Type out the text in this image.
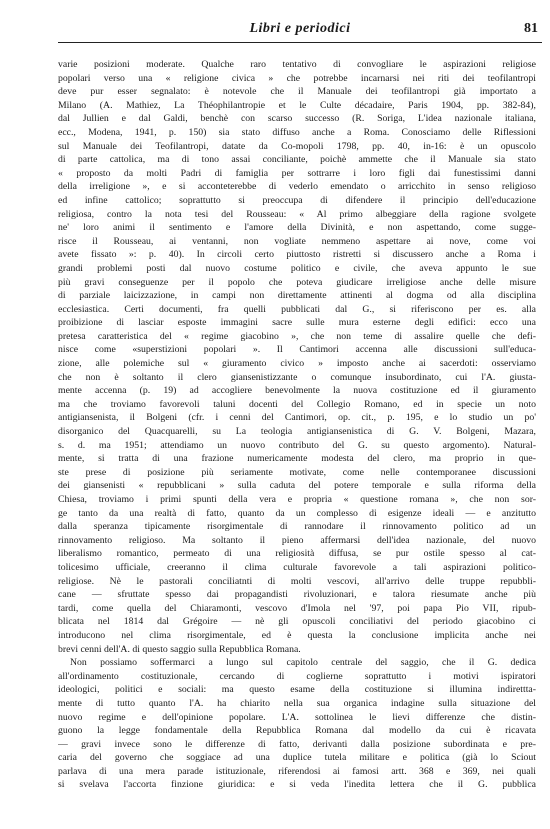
Libri e periodici	81

varie posizioni moderate. Qualche raro tentativo di convogliare le aspirazioni religiose

popolari verso una « religione civica » che potrebbe incarnarsi nei riti dei teofilantropi

deve pur esser segnalato: è notevole che il Manuale dei teofilantropi già importato a

Milano (A. Mathiez, La Théophilantropie et le Culte décadaire, Paris 1904, pp. 382-84),

dal Jullien e dal Galdi, benchè con scarso successo (R. Soriga, L'idea nazionale italiana,

ecc., Modena, 1941, p. 150) sia stato diffuso anche a Roma. Conosciamo delle Riflessioni

sul Manuale dei Teofilantropi, datate da Co-mopoli 1798, pp. 40, in-16: è un opuscolo

di parte cattolica, ma di tono assai conciliante, poichè ammette che il Manuale sia stato

« proposto da molti Padri di famiglia per sottrarre i loro figli dai funestissimi danni

della irreligione », e si acconteterebbe di vederlo emendato o arricchito in senso religioso

ed infine cattolico; soprattutto si preoccupa di difendere il principio dell'educazione

religiosa, contro la nota tesi del Rousseau: « Al primo albeggiare della ragione svolgete

ne' loro animi il sentimento e l'amore della Divinità, e non aspettando, come sugge-

risce il Rousseau, ai ventanni, non vogliate nemmeno aspettare ai nove, come voi

avete fissato »: p. 40). In circoli certo piuttosto ristretti si discussero anche a Roma i

grandi problemi posti dal nuovo costume politico e civile, che aveva appunto le sue

più gravi conseguenze per il popolo che poteva giudicare irreligiose anche delle misure

di parziale laicizzazione, in campi non direttamente attinenti al dogma od alla disciplina

ecclesiastica. Certi documenti, fra quelli pubblicati dal G., si riferiscono per es. alla

proibizione di lasciar esposte immagini sacre sulle mura esterne degli edifici: ecco una

pretesa caratteristica del « regime giacobino », che non teme di assalire quelle che defi-

nisce come «superstizioni popolari ». Il Cantimori accenna alle discussioni sull'educa-

zione, alle polemiche sul « giuramento civico » imposto anche ai sacerdoti: osserviamo

che non è soltanto il clero giansenistizzante o comunque insubordinato, cui l'A. giusta-

mente accenna (p. 19) ad accogliere benevolmente la nuova costituzione ed il giuramento

ma che troviamo favorevoli taluni docenti del Collegio Romano, ed in specie un noto

antigiansenista, il Bolgeni (cfr. i cenni del Cantimori, op. cit., p. 195, e lo studio un po'

disorganico del Quacquarelli, su La teologia antigiansenistica di G. V. Bolgeni, Mazara,

s. d. ma 1951; attendiamo un nuovo contributo del G. su questo argomento). Natural-

mente, si tratta di una frazione numericamente modesta del clero, ma proprio in que-

ste prese di posizione più seriamente motivate, come nelle contemporanee discussioni

dei giansenisti « repubblicani » sulla caduta del potere temporale e sulla riforma della

Chiesa, troviamo i primi spunti della vera e propria « questione romana », che non sor-

ge tanto da una realtà di fatto, quanto da un complesso di esigenze ideali — e anzitutto

dalla speranza tipicamente risorgimentale di rannodare il rinnovamento politico ad un

rinnovamento religioso. Ma soltanto il pieno affermarsi dell'idea nazionale, del nuovo

liberalismo romantico, permeato di una religiosità diffusa, se pur ostile spesso al cat-

tolicesimo ufficiale, creeranno il clima culturale favorevole a tali aspirazioni politico-

religiose. Nè le pastorali conciliatnti di molti vescovi, all'arrivo delle truppe repubbli-

cane — sfruttate spesso dai propagandisti rivoluzionari, e talora riesumate anche più

tardi, come quella del Chiaramonti, vescovo d'Imola nel '97, poi papa Pio VII, ripub-

blicata nel 1814 dal Grégoire — nè gli opuscoli conciliativi del periodo giacobino ci

introducono nel clima risorgimentale, ed è questa la conclusione implicita anche nei

brevi cenni dell'A. di questo saggio sulla Repubblica Romana.

Non possiamo soffermarci a lungo sul capitolo centrale del saggio, che il G. dedica

all'ordinamento costituzionale, cercando di coglierne soprattutto i motivi ispiratori

ideologici, politici e sociali: ma questo esame della costituzione si illumina indirettta-

mente di tutto quanto l'A. ha chiarito nella sua organica indagine sulla situazione del

nuovo regime e dell'opinione popolare. L'A. sottolinea le lievi differenze che distin-

guono la legge fondamentale della Repubblica Romana dal modello da cui è ricavata

— gravi invece sono le differenze di fatto, derivanti dalla posizione subordinata e pre-

caria del governo che soggiace ad una duplice tutela militare e politica (già lo Sciout

parlava di una mera parade istituzionale, riferendosi ai famosi artt. 368 e 369, nei quali

si svelava l'accorta finzione giuridica: e si veda l'inedita lettera che il G. pubblica
